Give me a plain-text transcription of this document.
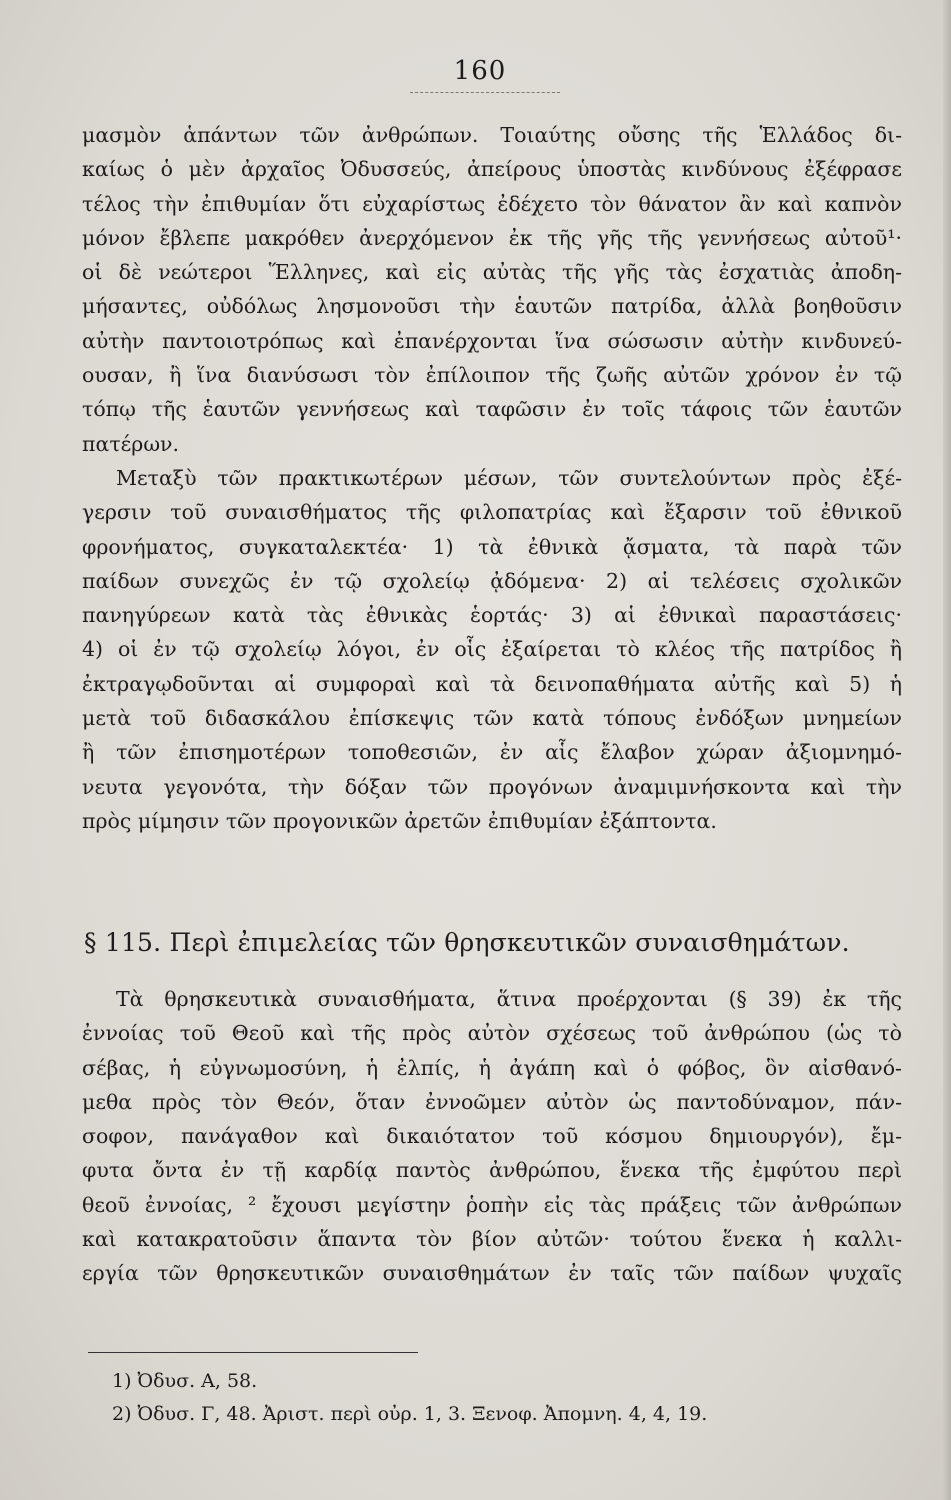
160
μασμὸν ἁπάντων τῶν ἀνθρώπων. Τοιαύτης οὔσης τῆς Ἑλλάδος δι-
καίως ὁ μὲν ἀρχαῖος Ὀδυσσεύς, ἀπείρους ὑποστὰς κινδύνους ἐξέφρασε
τέλος τὴν ἐπιθυμίαν ὅτι εὐχαρίστως ἐδέχετο τὸν θάνατον ἂν καὶ καπνὸν
μόνον ἔβλεπε μακρόθεν ἀνερχόμενον ἐκ τῆς γῆς τῆς γεννήσεως αὐτοῦ¹·
οἱ δὲ νεώτεροι Ἕλληνες, καὶ εἰς αὐτὰς τῆς γῆς τὰς ἐσχατιὰς ἀποδη-
μήσαντες, οὐδόλως λησμονοῦσι τὴν ἑαυτῶν πατρίδα, ἀλλὰ βοηθοῦσιν
αὐτὴν παντοιοτρόπως καὶ ἐπανέρχονται ἵνα σώσωσιν αὐτὴν κινδυνεύ-
ουσαν, ἢ ἵνα διανύσωσι τὸν ἐπίλοιπον τῆς ζωῆς αὐτῶν χρόνον ἐν τῷ
τόπῳ τῆς ἑαυτῶν γεννήσεως καὶ ταφῶσιν ἐν τοῖς τάφοις τῶν ἑαυτῶν
πατέρων.
Μεταξὺ τῶν πρακτικωτέρων μέσων, τῶν συντελούντων πρὸς ἐξέ-
γερσιν τοῦ συναισθήματος τῆς φιλοπατρίας καὶ ἔξαρσιν τοῦ ἐθνικοῦ
φρονήματος, συγκαταλεκτέα· 1) τὰ ἐθνικὰ ᾄσματα, τὰ παρὰ τῶν
παίδων συνεχῶς ἐν τῷ σχολείῳ ᾀδόμενα· 2) αἱ τελέσεις σχολικῶν
πανηγύρεων κατὰ τὰς ἐθνικὰς ἑορτάς· 3) αἱ ἐθνικαὶ παραστάσεις·
4) οἱ ἐν τῷ σχολείῳ λόγοι, ἐν οἷς ἐξαίρεται τὸ κλέος τῆς πατρίδος ἢ
ἐκτραγῳδοῦνται αἱ συμφοραὶ καὶ τὰ δεινοπαθήματα αὐτῆς καὶ 5) ἡ
μετὰ τοῦ διδασκάλου ἐπίσκεψις τῶν κατὰ τόπους ἐνδόξων μνημείων
ἢ τῶν ἐπισημοτέρων τοποθεσιῶν, ἐν αἷς ἔλαβον χώραν ἀξιομνημό-
νευτα γεγονότα, τὴν δόξαν τῶν προγόνων ἀναμιμνήσκοντα καὶ τὴν
πρὸς μίμησιν τῶν προγονικῶν ἀρετῶν ἐπιθυμίαν ἐξάπτοντα.
§ 115. Περὶ ἐπιμελείας τῶν θρησκευτικῶν συναισθημάτων.
Τὰ θρησκευτικὰ συναισθήματα, ἅτινα προέρχονται (§ 39) ἐκ τῆς
ἐννοίας τοῦ Θεοῦ καὶ τῆς πρὸς αὐτὸν σχέσεως τοῦ ἀνθρώπου (ὡς τὸ
σέβας, ἡ εὐγνωμοσύνη, ἡ ἐλπίς, ἡ ἀγάπη καὶ ὁ φόβος, ὃν αἰσθανό-
μεθα πρὸς τὸν Θεόν, ὅταν ἐννοῶμεν αὐτὸν ὡς παντοδύναμον, πάν-
σοφον, πανάγαθον καὶ δικαιότατον τοῦ κόσμου δημιουργόν), ἔμ-
φυτα ὄντα ἐν τῇ καρδίᾳ παντὸς ἀνθρώπου, ἕνεκα τῆς ἐμφύτου περὶ
θεοῦ ἐννοίας, ² ἔχουσι μεγίστην ῥοπὴν εἰς τὰς πράξεις τῶν ἀνθρώπων
καὶ κατακρατοῦσιν ἅπαντα τὸν βίον αὐτῶν· τούτου ἕνεκα ἡ καλλι-
εργία τῶν θρησκευτικῶν συναισθημάτων ἐν ταῖς τῶν παίδων ψυχαῖς
1) Ὀδυσ. Α, 58.
2) Ὀδυσ. Γ, 48. Ἀριστ. περὶ οὐρ. 1, 3. Ξενοφ. Ἀπομνη. 4, 4, 19.
